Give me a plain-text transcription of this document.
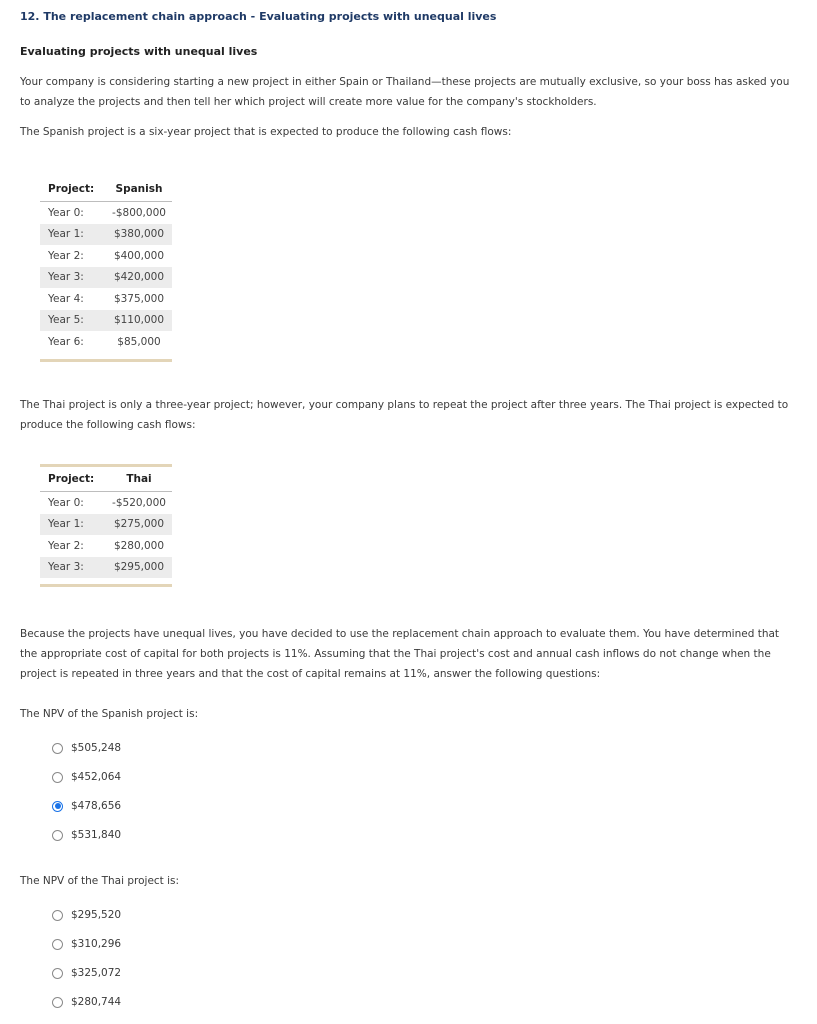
12. The replacement chain approach - Evaluating projects with unequal lives
Evaluating projects with unequal lives
Your company is considering starting a new project in either Spain or Thailand—these projects are mutually exclusive, so your boss has asked you to analyze the projects and then tell her which project will create more value for the company's stockholders.
The Spanish project is a six-year project that is expected to produce the following cash flows:
Project:	Spanish
Year 0:	-$800,000
Year 1:	$380,000
Year 2:	$400,000
Year 3:	$420,000
Year 4:	$375,000
Year 5:	$110,000
Year 6:	$85,000
The Thai project is only a three-year project; however, your company plans to repeat the project after three years. The Thai project is expected to produce the following cash flows:
Project:	Thai
Year 0:	-$520,000
Year 1:	$275,000
Year 2:	$280,000
Year 3:	$295,000
Because the projects have unequal lives, you have decided to use the replacement chain approach to evaluate them. You have determined that the appropriate cost of capital for both projects is 11%. Assuming that the Thai project's cost and annual cash inflows do not change when the project is repeated in three years and that the cost of capital remains at 11%, answer the following questions:
The NPV of the Spanish project is:
$505,248
$452,064
$478,656
$531,840
The NPV of the Thai project is:
$295,520
$310,296
$325,072
$280,744
